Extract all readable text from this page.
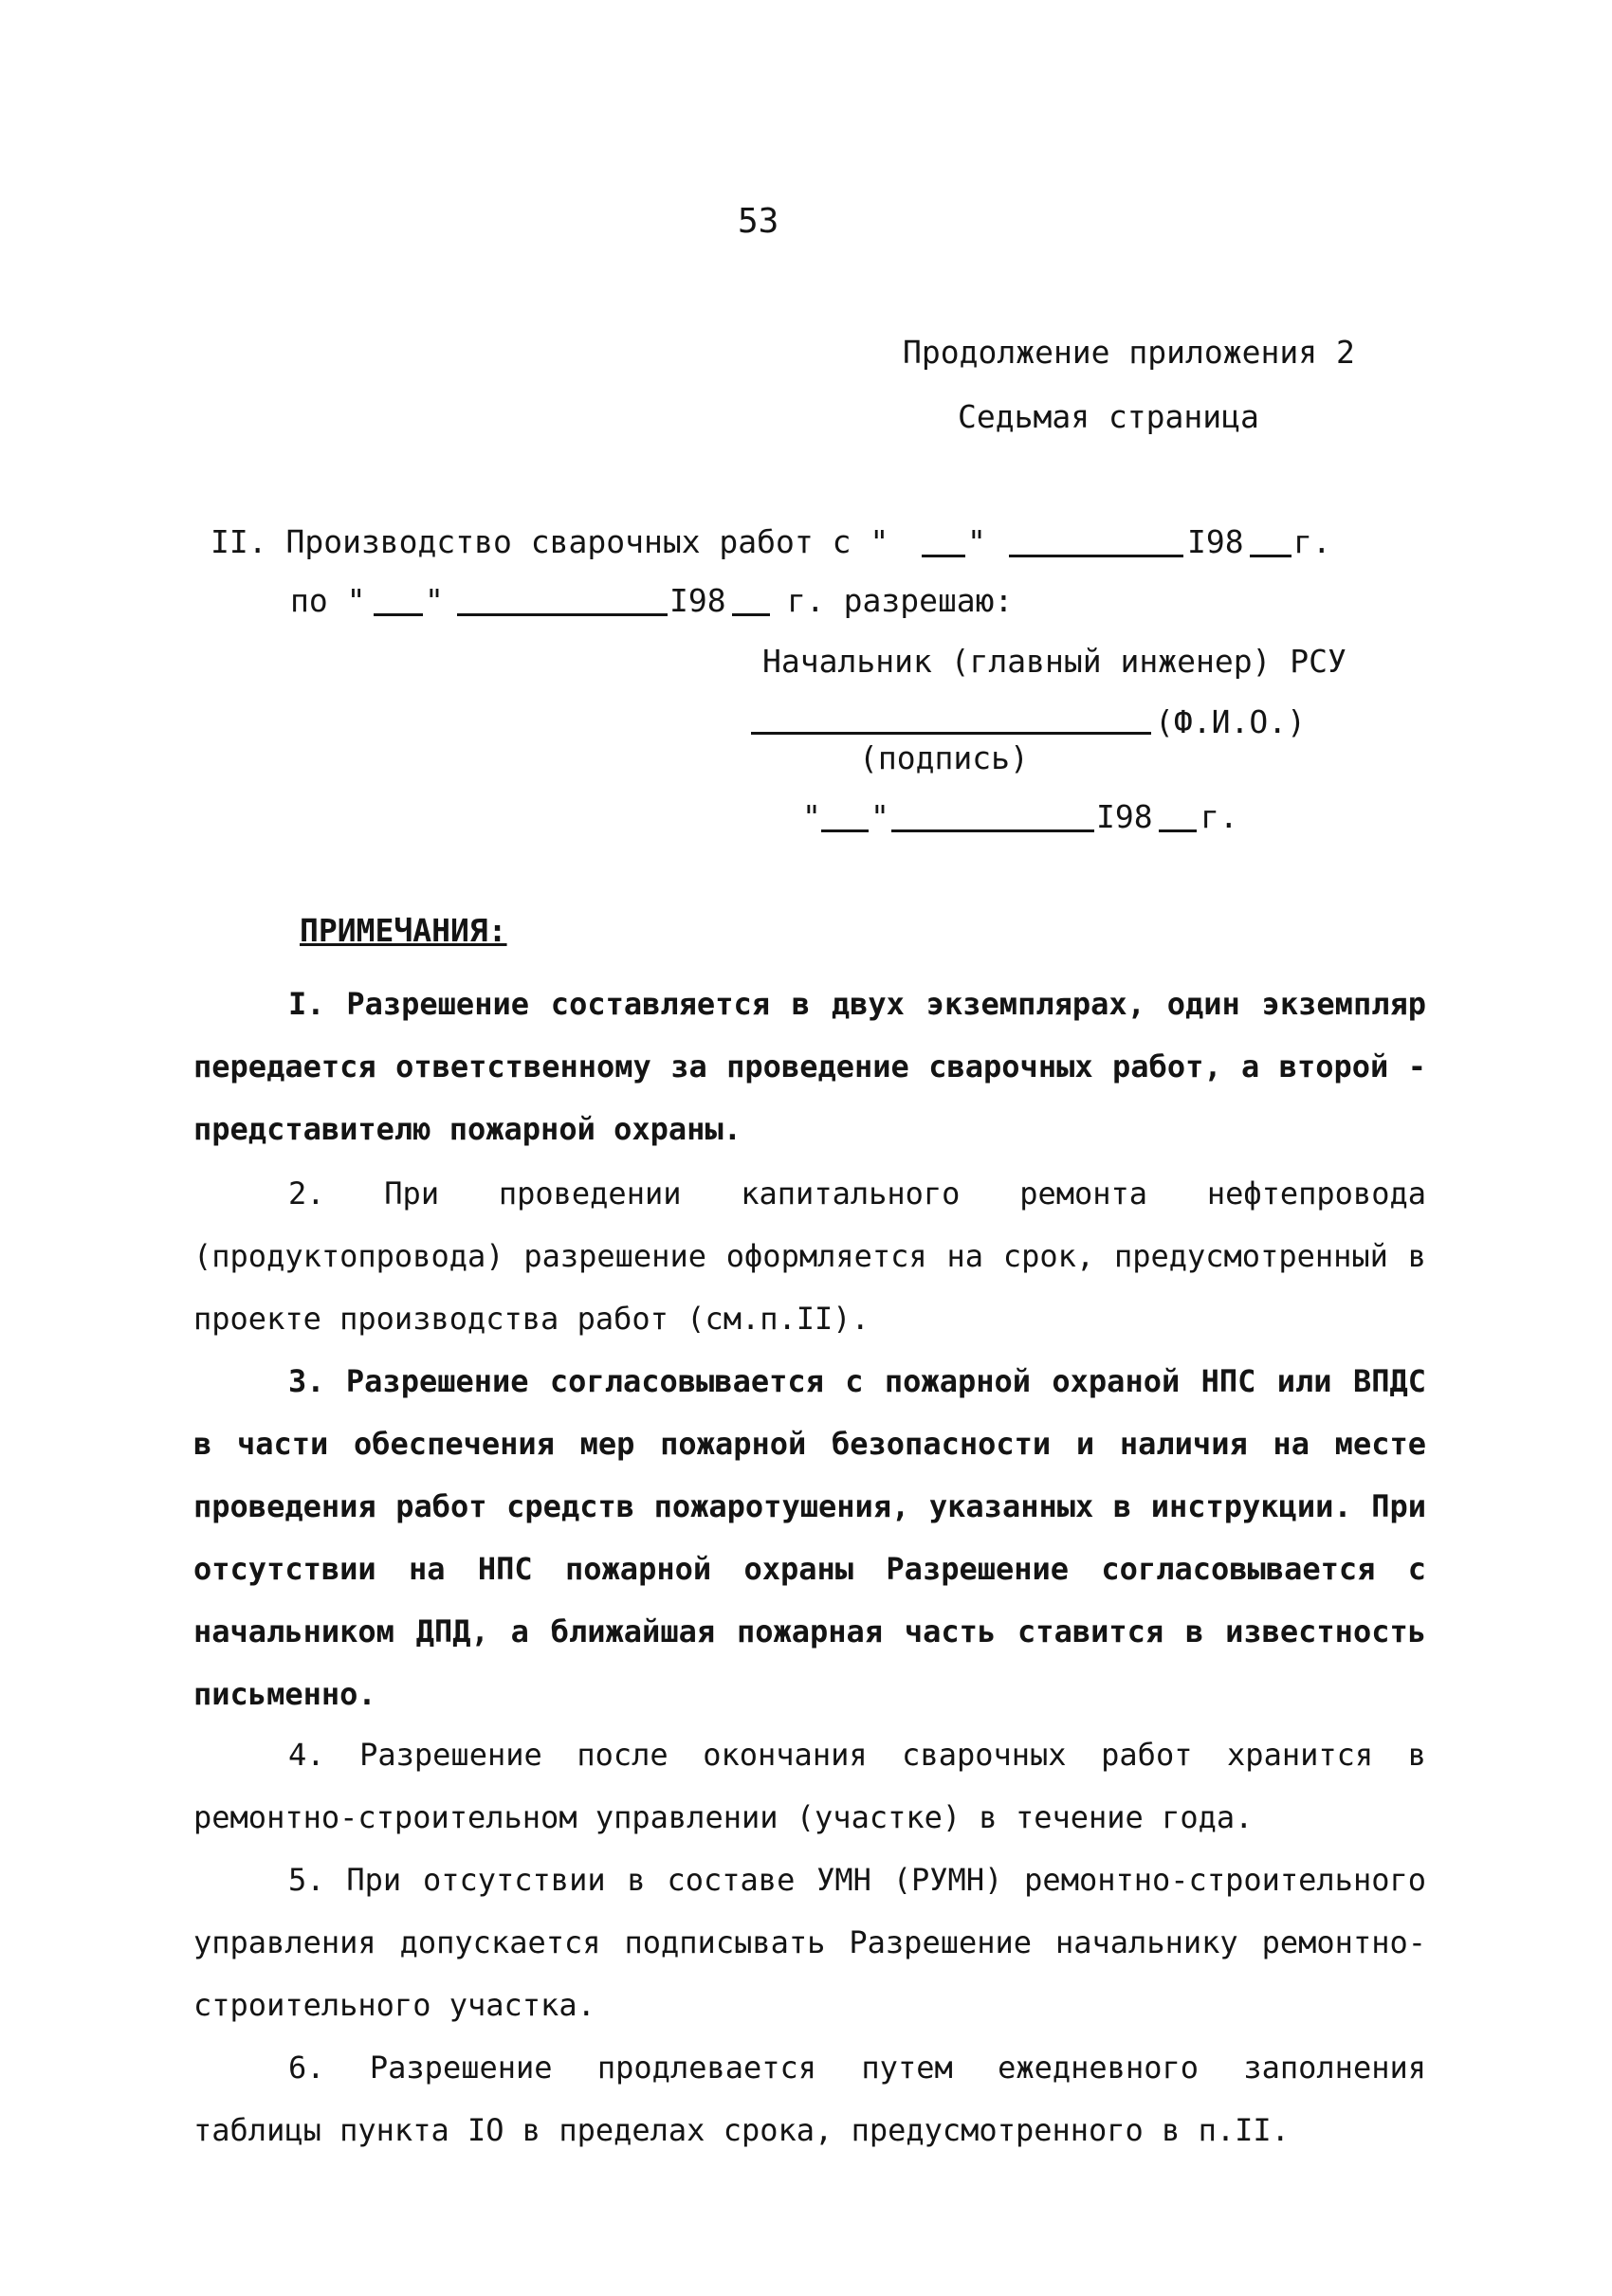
53
Продолжение приложения 2
Седьмая страница
II. Производство сварочных работ с "	"	I98 г.
по " "	I98 г. разрешаю:
Начальник (главный инженер) РСУ
(Ф.И.О.)
(подпись)
" "	I98 г.
ПРИМЕЧАНИЯ:
I. Разрешение составляется в двух экземплярах, один экземпляр передается ответственному за проведение сварочных работ, а второй - представителю пожарной охраны.
2. При проведении капитального ремонта нефтепровода (продуктопровода) разрешение оформляется на срок, предусмотренный в проекте производства работ (см.п.II).
3. Разрешение согласовывается с пожарной охраной НПС или ВПДС в части обеспечения мер пожарной безопасности и наличия на месте проведения работ средств пожаротушения, указанных в инструкции. При отсутствии на НПС пожарной охраны Разрешение согласовывается с начальником ДПД, а ближайшая пожарная часть ставится в известность письменно.
4. Разрешение после окончания сварочных работ хранится в ремонтно-строительном управлении (участке) в течение года.
5. При отсутствии в составе УМН (РУМН) ремонтно-строительного управления допускается подписывать Разрешение начальнику ремонтно-строительного участка.
6. Разрешение продлевается путем ежедневного заполнения таблицы пункта IO в пределах срока, предусмотренного в п.II.
